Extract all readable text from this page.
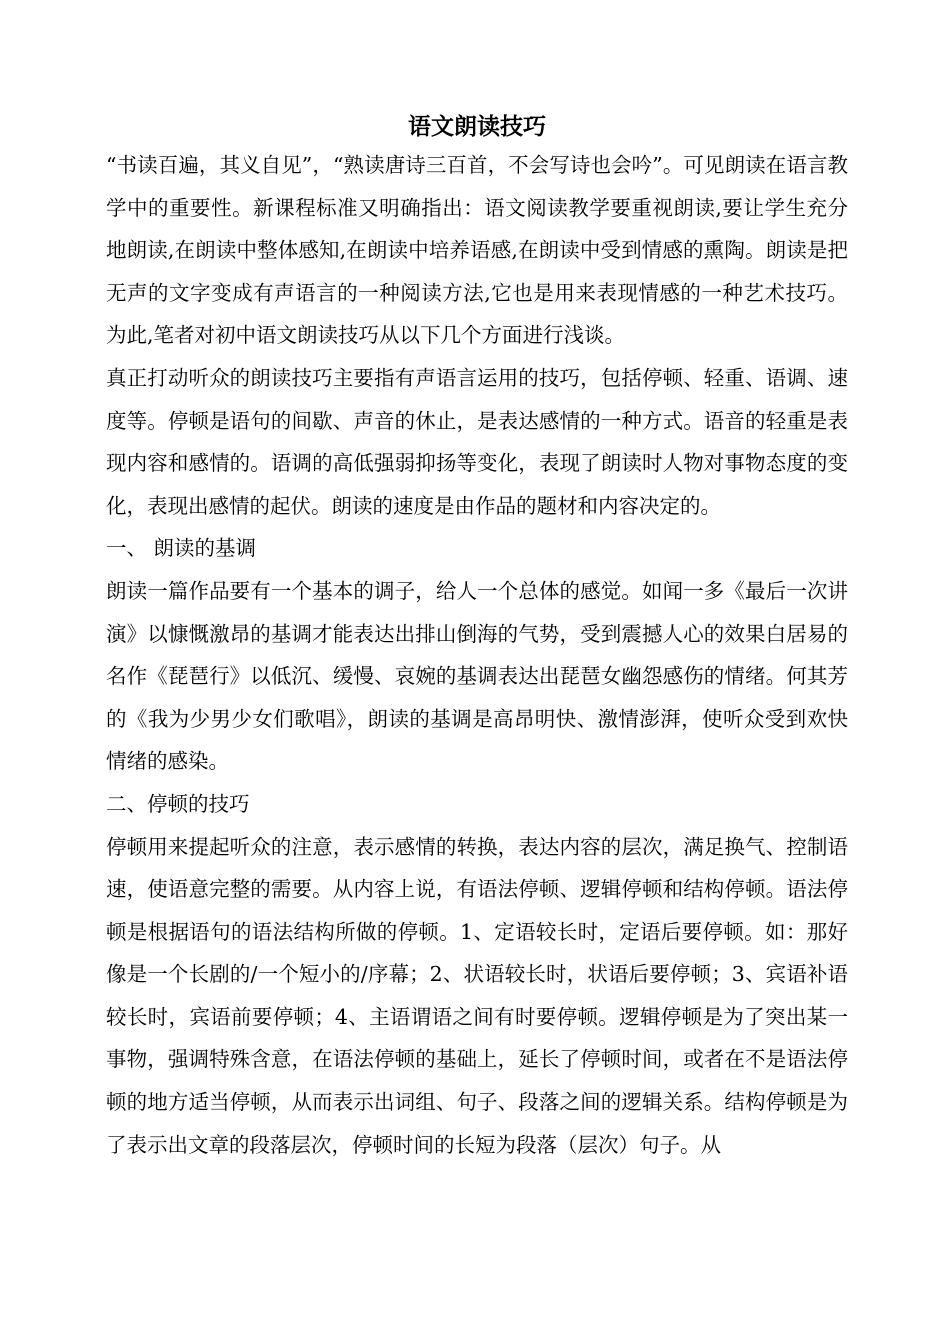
语文朗读技巧

“书读百遍，其义自见”，“熟读唐诗三百首，不会写诗也会吟”。可见朗读在语言教学中的重要性。新课程标准又明确指出：语文阅读教学要重视朗读,要让学生充分地朗读,在朗读中整体感知,在朗读中培养语感,在朗读中受到情感的熏陶。朗读是把无声的文字变成有声语言的一种阅读方法,它也是用来表现情感的一种艺术技巧。为此,笔者对初中语文朗读技巧从以下几个方面进行浅谈。

真正打动听众的朗读技巧主要指有声语言运用的技巧，包括停顿、轻重、语调、速度等。停顿是语句的间歇、声音的休止，是表达感情的一种方式。语音的轻重是表现内容和感情的。语调的高低强弱抑扬等变化，表现了朗读时人物对事物态度的变化，表现出感情的起伏。朗读的速度是由作品的题材和内容决定的。

一、 朗读的基调

朗读一篇作品要有一个基本的调子，给人一个总体的感觉。如闻一多《最后一次讲演》以慷慨激昂的基调才能表达出排山倒海的气势，受到震撼人心的效果白居易的名作《琵琶行》以低沉、缓慢、哀婉的基调表达出琵琶女幽怨感伤的情绪。何其芳的《我为少男少女们歌唱》，朗读的基调是高昂明快、激情澎湃，使听众受到欢快情绪的感染。

二、停顿的技巧

停顿用来提起听众的注意，表示感情的转换，表达内容的层次，满足换气、控制语速，使语意完整的需要。从内容上说，有语法停顿、逻辑停顿和结构停顿。语法停顿是根据语句的语法结构所做的停顿。1、定语较长时，定语后要停顿。如：那好像是一个长剧的/一个短小的/序幕；2、状语较长时，状语后要停顿；3、宾语补语较长时，宾语前要停顿；4、主语谓语之间有时要停顿。逻辑停顿是为了突出某一事物，强调特殊含意，在语法停顿的基础上，延长了停顿时间，或者在不是语法停顿的地方适当停顿，从而表示出词组、句子、段落之间的逻辑关系。结构停顿是为了表示出文章的段落层次，停顿时间的长短为段落（层次）句子。从
